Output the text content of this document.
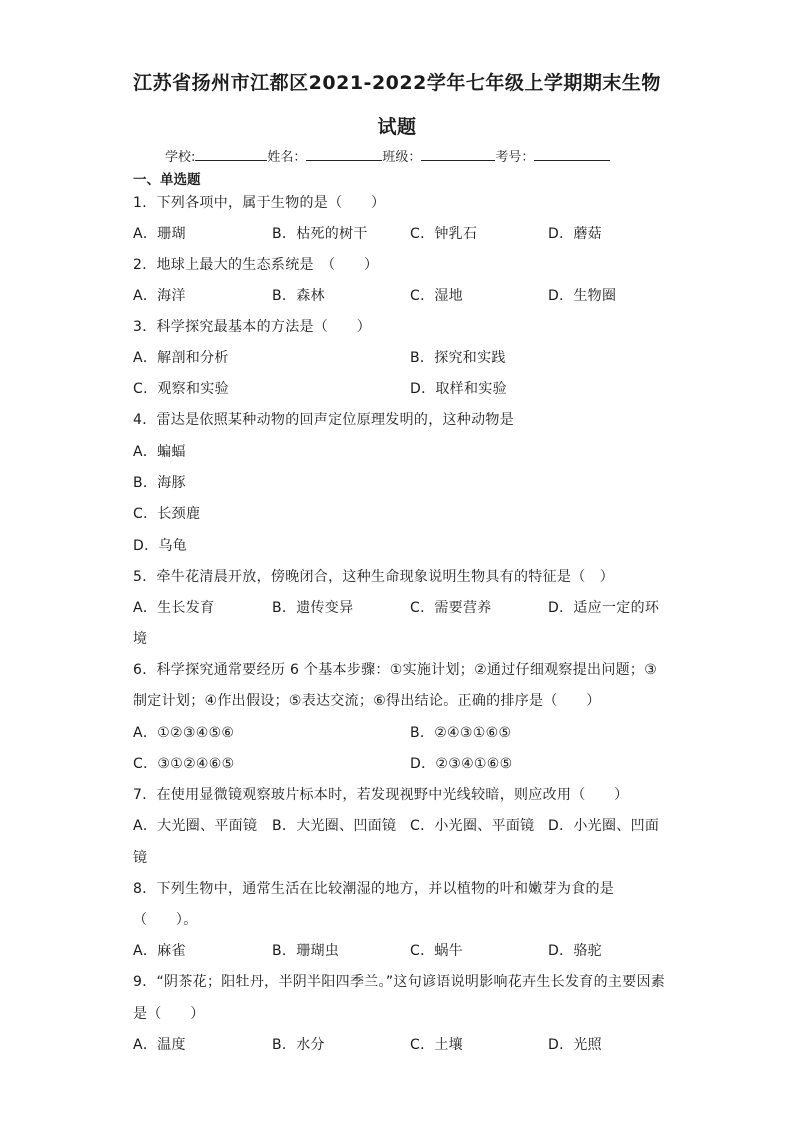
江苏省扬州市江都区2021-2022学年七年级上学期期末生物
试题
学校:	姓名：	班级：	考号：
一、单选题
1．下列各项中，属于生物的是（　　）
A．珊瑚	B．枯死的树干	C．钟乳石	D．蘑菇
2．地球上最大的生态系统是　（　　）
A．海洋	B．森林	C．湿地	D．生物圈
3．科学探究最基本的方法是（　　）
A．解剖和分析	B．探究和实践
C．观察和实验	D．取样和实验
4．雷达是依照某种动物的回声定位原理发明的，这种动物是
A．蝙蝠
B．海豚
C．长颈鹿
D．乌龟
5．牵牛花清晨开放，傍晚闭合，这种生命现象说明生物具有的特征是（　）
A．生长发育	B．遗传变异	C．需要营养	D．适应一定的环
境
6．科学探究通常要经历 6 个基本步骤：①实施计划；②通过仔细观察提出问题；③
制定计划；④作出假设；⑤表达交流；⑥得出结论。正确的排序是（　　）
A．①②③④⑤⑥	B．②④③①⑥⑤
C．③①②④⑥⑤	D．②③④①⑥⑤
7．在使用显微镜观察玻片标本时，若发现视野中光线较暗，则应改用（　　）
A．大光圈、平面镜 B．大光圈、凹面镜 C．小光圈、平面镜 D．小光圈、凹面
镜
8．下列生物中，通常生活在比较潮湿的地方，并以植物的叶和嫩芽为食的是
（　　）。
A．麻雀	B．珊瑚虫	C．蜗牛	D．骆驼
9．“阴茶花；阳牡丹，半阴半阳四季兰。”这句谚语说明影响花卉生长发育的主要因素
是（　　）
A．温度	B．水分	C．土壤	D．光照
